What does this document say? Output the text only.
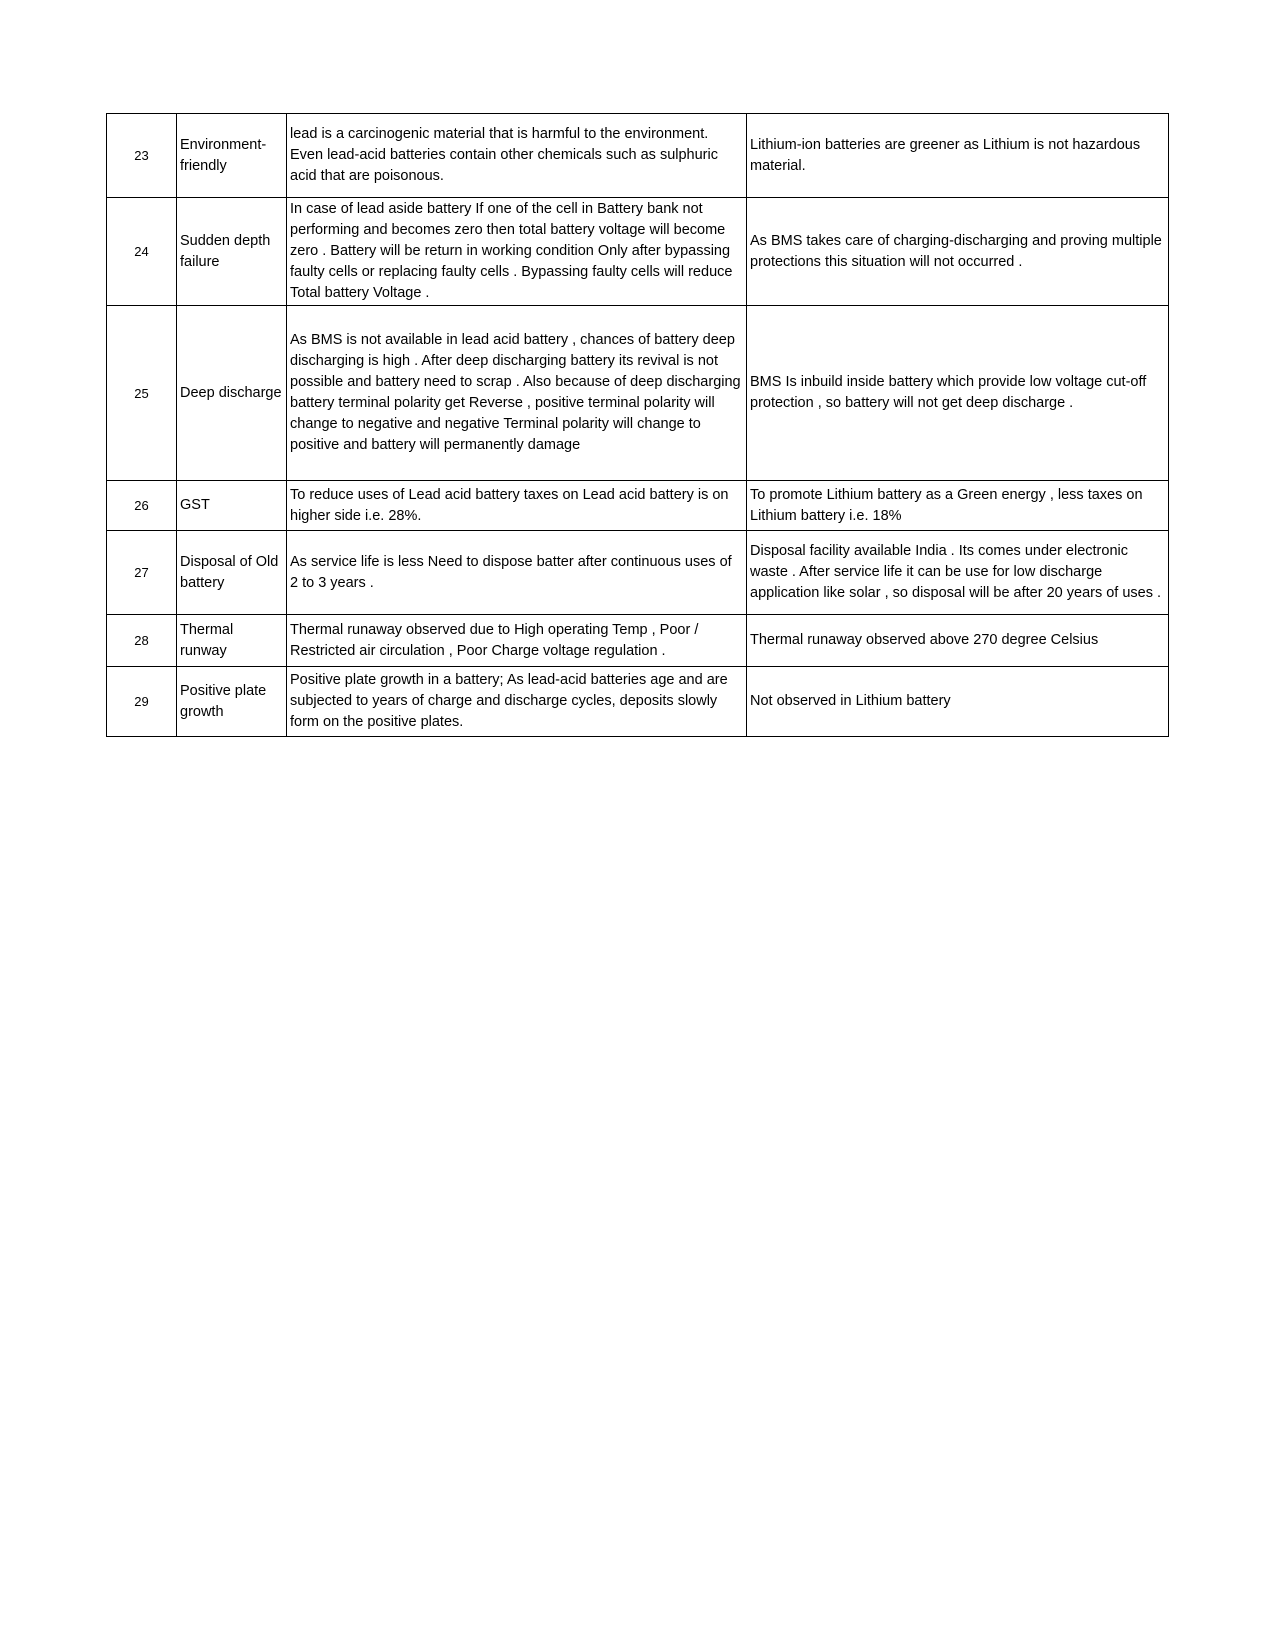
23	Environment-friendly	lead is a carcinogenic material that is harmful to the environment. Even lead-acid batteries contain other chemicals such as sulphuric acid that are poisonous.	Lithium-ion batteries are greener as Lithium is not hazardous material.
24	Sudden depth failure	In case of lead aside battery If one of the cell in Battery bank not performing and becomes zero then total battery voltage will become zero . Battery will be return in working condition Only after bypassing faulty cells or replacing faulty cells . Bypassing faulty cells will reduce Total battery Voltage .	As BMS takes care of charging-discharging and proving multiple protections this situation will not occurred .
25	Deep discharge	As BMS is not available in lead acid battery , chances of battery deep discharging is high . After deep discharging battery its revival is not possible and battery need to scrap . Also because of deep discharging battery terminal polarity get Reverse , positive terminal polarity will change to negative and negative Terminal polarity will change to positive and battery will permanently damage	BMS Is inbuild inside battery which provide low voltage cut-off protection , so battery will not get deep discharge .
26	GST	To reduce uses of Lead acid battery taxes on Lead acid battery is on higher side i.e. 28%.	To promote Lithium battery as a Green energy , less taxes on Lithium battery i.e. 18%
27	Disposal of Old battery	As service life is less Need to dispose batter after continuous uses of 2 to 3 years .	Disposal facility available India . Its comes under electronic waste . After service life it can be use for low discharge application like solar , so disposal will be after 20 years of uses .
28	Thermal runway	Thermal runaway observed due to High operating Temp , Poor / Restricted air circulation , Poor Charge voltage regulation .	Thermal runaway observed above 270 degree Celsius
29	Positive plate growth	Positive plate growth in a battery; As lead-acid batteries age and are subjected to years of charge and discharge cycles, deposits slowly form on the positive plates.	Not observed in Lithium battery
